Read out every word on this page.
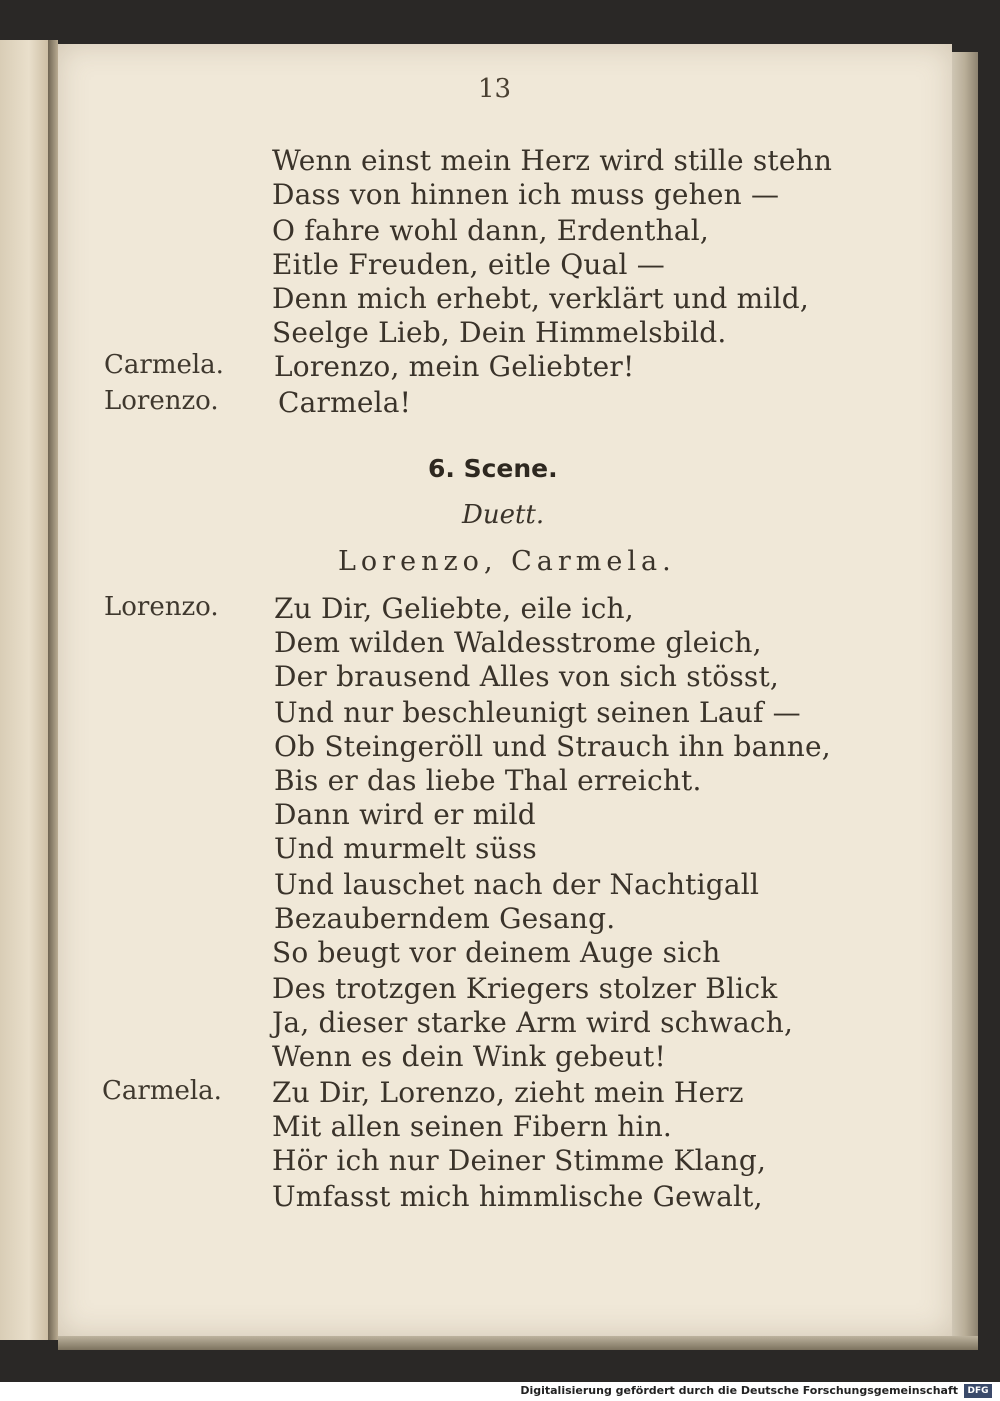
13
Wenn einst mein Herz wird stille stehn
Dass von hinnen ich muss gehen —
O fahre wohl dann, Erdenthal,
Eitle Freuden, eitle Qual —
Denn mich erhebt, verklärt und mild,
Seelge Lieb, Dein Himmelsbild.
Lorenzo, mein Geliebter!
Carmela!
Carmela.
Lorenzo.
6. Scene.
Duett.
Lorenzo, Carmela.
Zu Dir, Geliebte, eile ich,
Dem wilden Waldesstrome gleich,
Der brausend Alles von sich stösst,
Und nur beschleunigt seinen Lauf —
Ob Steingeröll und Strauch ihn banne,
Bis er das liebe Thal erreicht.
Dann wird er mild
Und murmelt süss
Und lauschet nach der Nachtigall
Bezauberndem Gesang.
So beugt vor deinem Auge sich
Des trotzgen Kriegers stolzer Blick
Ja, dieser starke Arm wird schwach,
Wenn es dein Wink gebeut!
Zu Dir, Lorenzo, zieht mein Herz
Mit allen seinen Fibern hin.
Hör ich nur Deiner Stimme Klang,
Umfasst mich himmlische Gewalt,
Lorenzo.
Carmela.
Digitalisierung gefördert durch die Deutsche Forschungsgemeinschaft	DFG
